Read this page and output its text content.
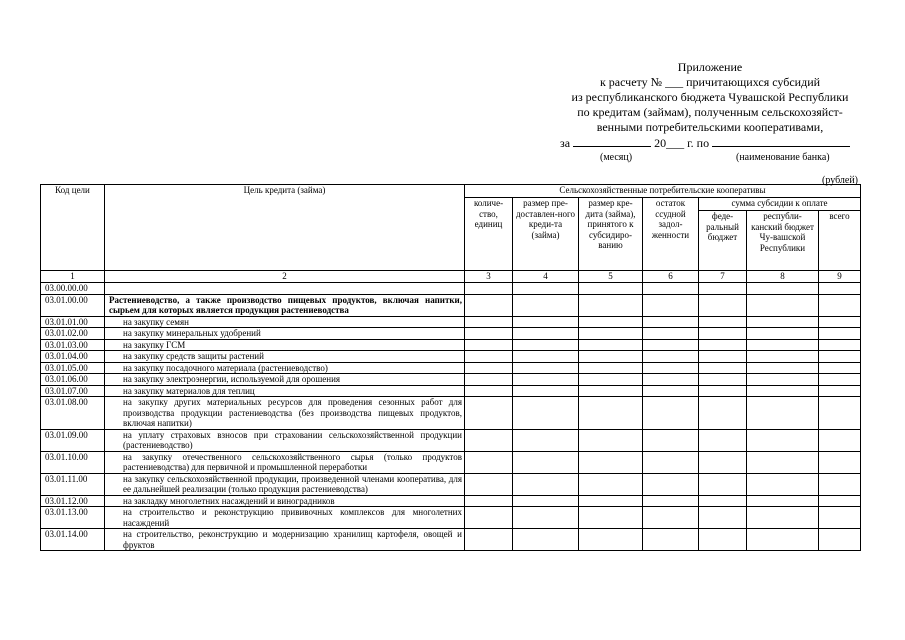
Приложение
к расчету № ___ причитающихся субсидий
из республиканского бюджета Чувашской Республики
по кредитам (займам), полученным сельскохозяйст-
венными потребительскими кооперативами,
за	20___ г. по
(месяц)	(наименование банка)
(рублей)
Код цели	Цель кредита (займа)	Сельскохозяйственные потребительские кооперативы						
		количе-ство, единиц	размер пре-доставлен-ного креди-та (займа)	размер кре-дита (займа), принятого к субсидиро-ванию	остаток ссудной задол-женности	сумма субсидии к оплате		
						феде-ральный бюджет	республи-канский бюджет Чу-вашской Республики	всего
1	2	3	4	5	6	7	8	9
03.00.00.00								
03.01.00.00	Растениеводство, а также производство пищевых продуктов, включая напитки, сырьем для которых является продукция растениеводства							
03.01.01.00	на закупку семян							
03.01.02.00	на закупку минеральных удобрений							
03.01.03.00	на закупку ГСМ							
03.01.04.00	на закупку средств защиты растений							
03.01.05.00	на закупку посадочного материала (растениеводство)							
03.01.06.00	на закупку электроэнергии, используемой для орошения							
03.01.07.00	на закупку материалов для теплиц							
03.01.08.00	на закупку других материальных ресурсов для проведения сезонных работ для производства продукции растениеводства (без производства пищевых продуктов, включая напитки)							
03.01.09.00	на уплату страховых взносов при страховании сельскохозяйственной продукции (растениеводство)							
03.01.10.00	на закупку отечественного сельскохозяйственного сырья (только продуктов растениеводства) для первичной и промышленной переработки							
03.01.11.00	на закупку сельскохозяйственной продукции, произведенной членами кооператива, для ее дальнейшей реализации (только продукция растениеводства)							
03.01.12.00	на закладку многолетних насаждений и виноградников							
03.01.13.00	на строительство и реконструкцию прививочных комплексов для многолетних насаждений							
03.01.14.00	на строительство, реконструкцию и модернизацию хранилищ картофеля, овощей и фруктов							
